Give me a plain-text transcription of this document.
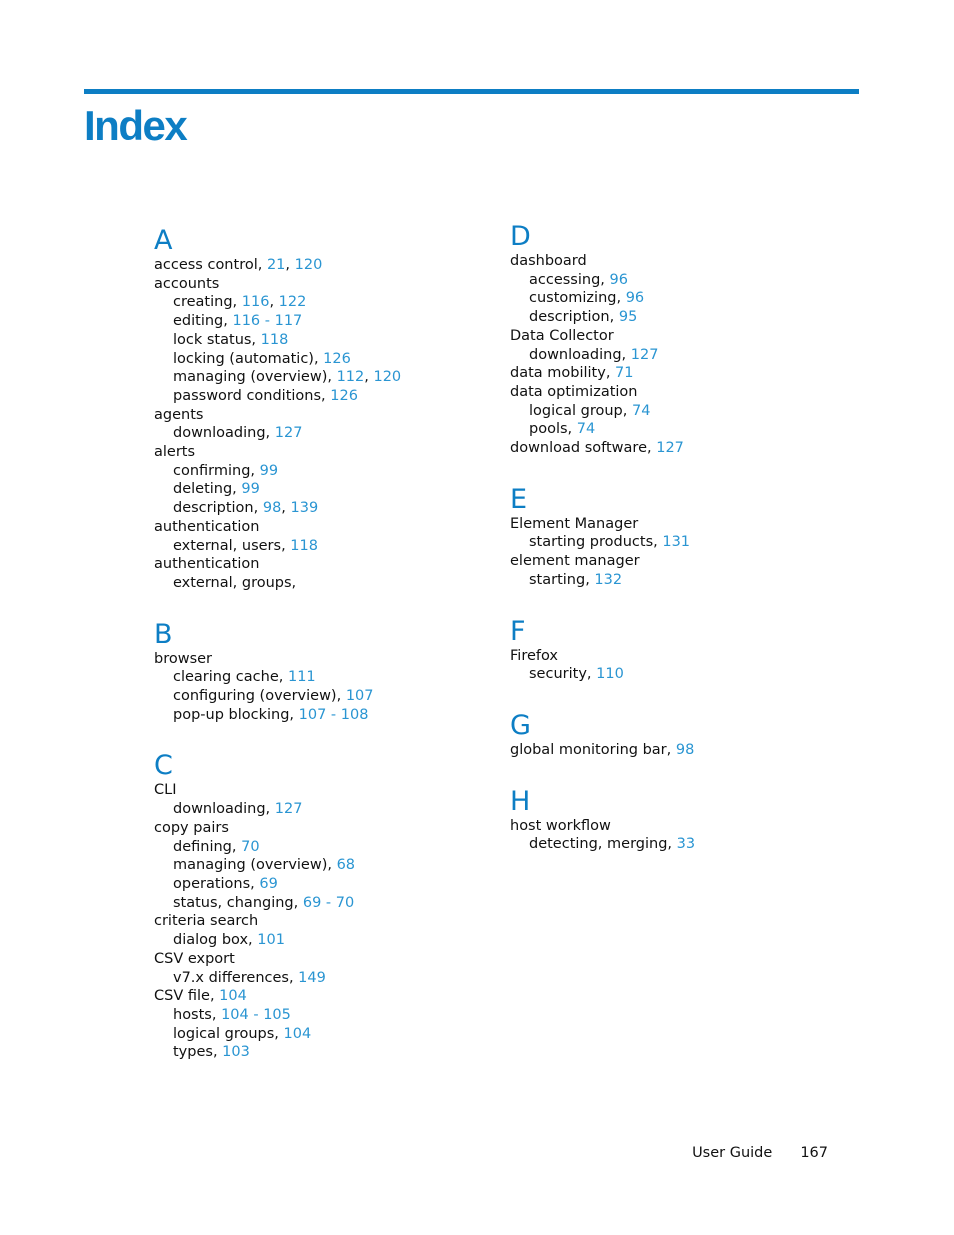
Index
A
access control, 21, 120
accounts
creating, 116, 122
editing, 116 - 117
lock status, 118
locking (automatic), 126
managing (overview), 112, 120
password conditions, 126
agents
downloading, 127
alerts
confirming, 99
deleting, 99
description, 98, 139
authentication
external, users, 118
authentication
external, groups,
B
browser
clearing cache, 111
configuring (overview), 107
pop-up blocking, 107 - 108
C
CLI
downloading, 127
copy pairs
defining, 70
managing (overview), 68
operations, 69
status, changing, 69 - 70
criteria search
dialog box, 101
CSV export
v7.x differences, 149
CSV file, 104
hosts, 104 - 105
logical groups, 104
types, 103
D
dashboard
accessing, 96
customizing, 96
description, 95
Data Collector
downloading, 127
data mobility, 71
data optimization
logical group, 74
pools, 74
download software, 127
E
Element Manager
starting products, 131
element manager
starting, 132
F
Firefox
security, 110
G
global monitoring bar, 98
H
host workflow
detecting, merging, 33
User Guide 167
